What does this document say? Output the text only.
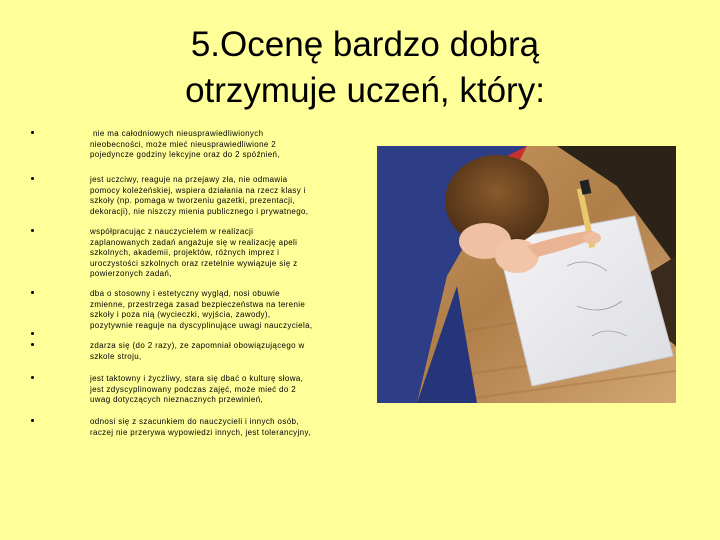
5.Ocenę bardzo dobrą
otrzymuje uczeń, który:
nie ma całodniowych nieusprawiedliwionych
nieobecności, może mieć nieusprawiedliwione 2
pojedyncze godziny lekcyjne oraz do 2 spóźnień,
jest uczciwy, reaguje na przejawy zła, nie odmawia
pomocy koleżeńskiej, wspiera działania na rzecz klasy i
szkoły (np. pomaga w tworzeniu gazetki, prezentacji,
dekoracji), nie niszczy mienia publicznego i prywatnego,
współpracując z nauczycielem w realizacji
zaplanowanych zadań angażuje się w realizację apeli
szkolnych, akademii, projektów, różnych imprez i
uroczystości szkolnych oraz rzetelnie wywiązuje się z
powierzonych zadań,
dba o stosowny i estetyczny wygląd, nosi obuwie
zmienne, przestrzega zasad bezpieczeństwa na terenie
szkoły i poza nią (wycieczki, wyjścia, zawody),
pozytywnie reaguje na dyscyplinujące uwagi nauczyciela,
zdarza się (do 2 razy), ze zapomniał obowiązującego w
szkole stroju,
jest taktowny i życzliwy, stara się dbać o kulturę słowa,
jest zdyscyplinowany podczas zajęć, może mieć do 2
uwag dotyczących nieznacznych przewinień,
odnosi się z szacunkiem do nauczycieli i innych osób,
raczej nie przerywa wypowiedzi innych, jest tolerancyjny,
